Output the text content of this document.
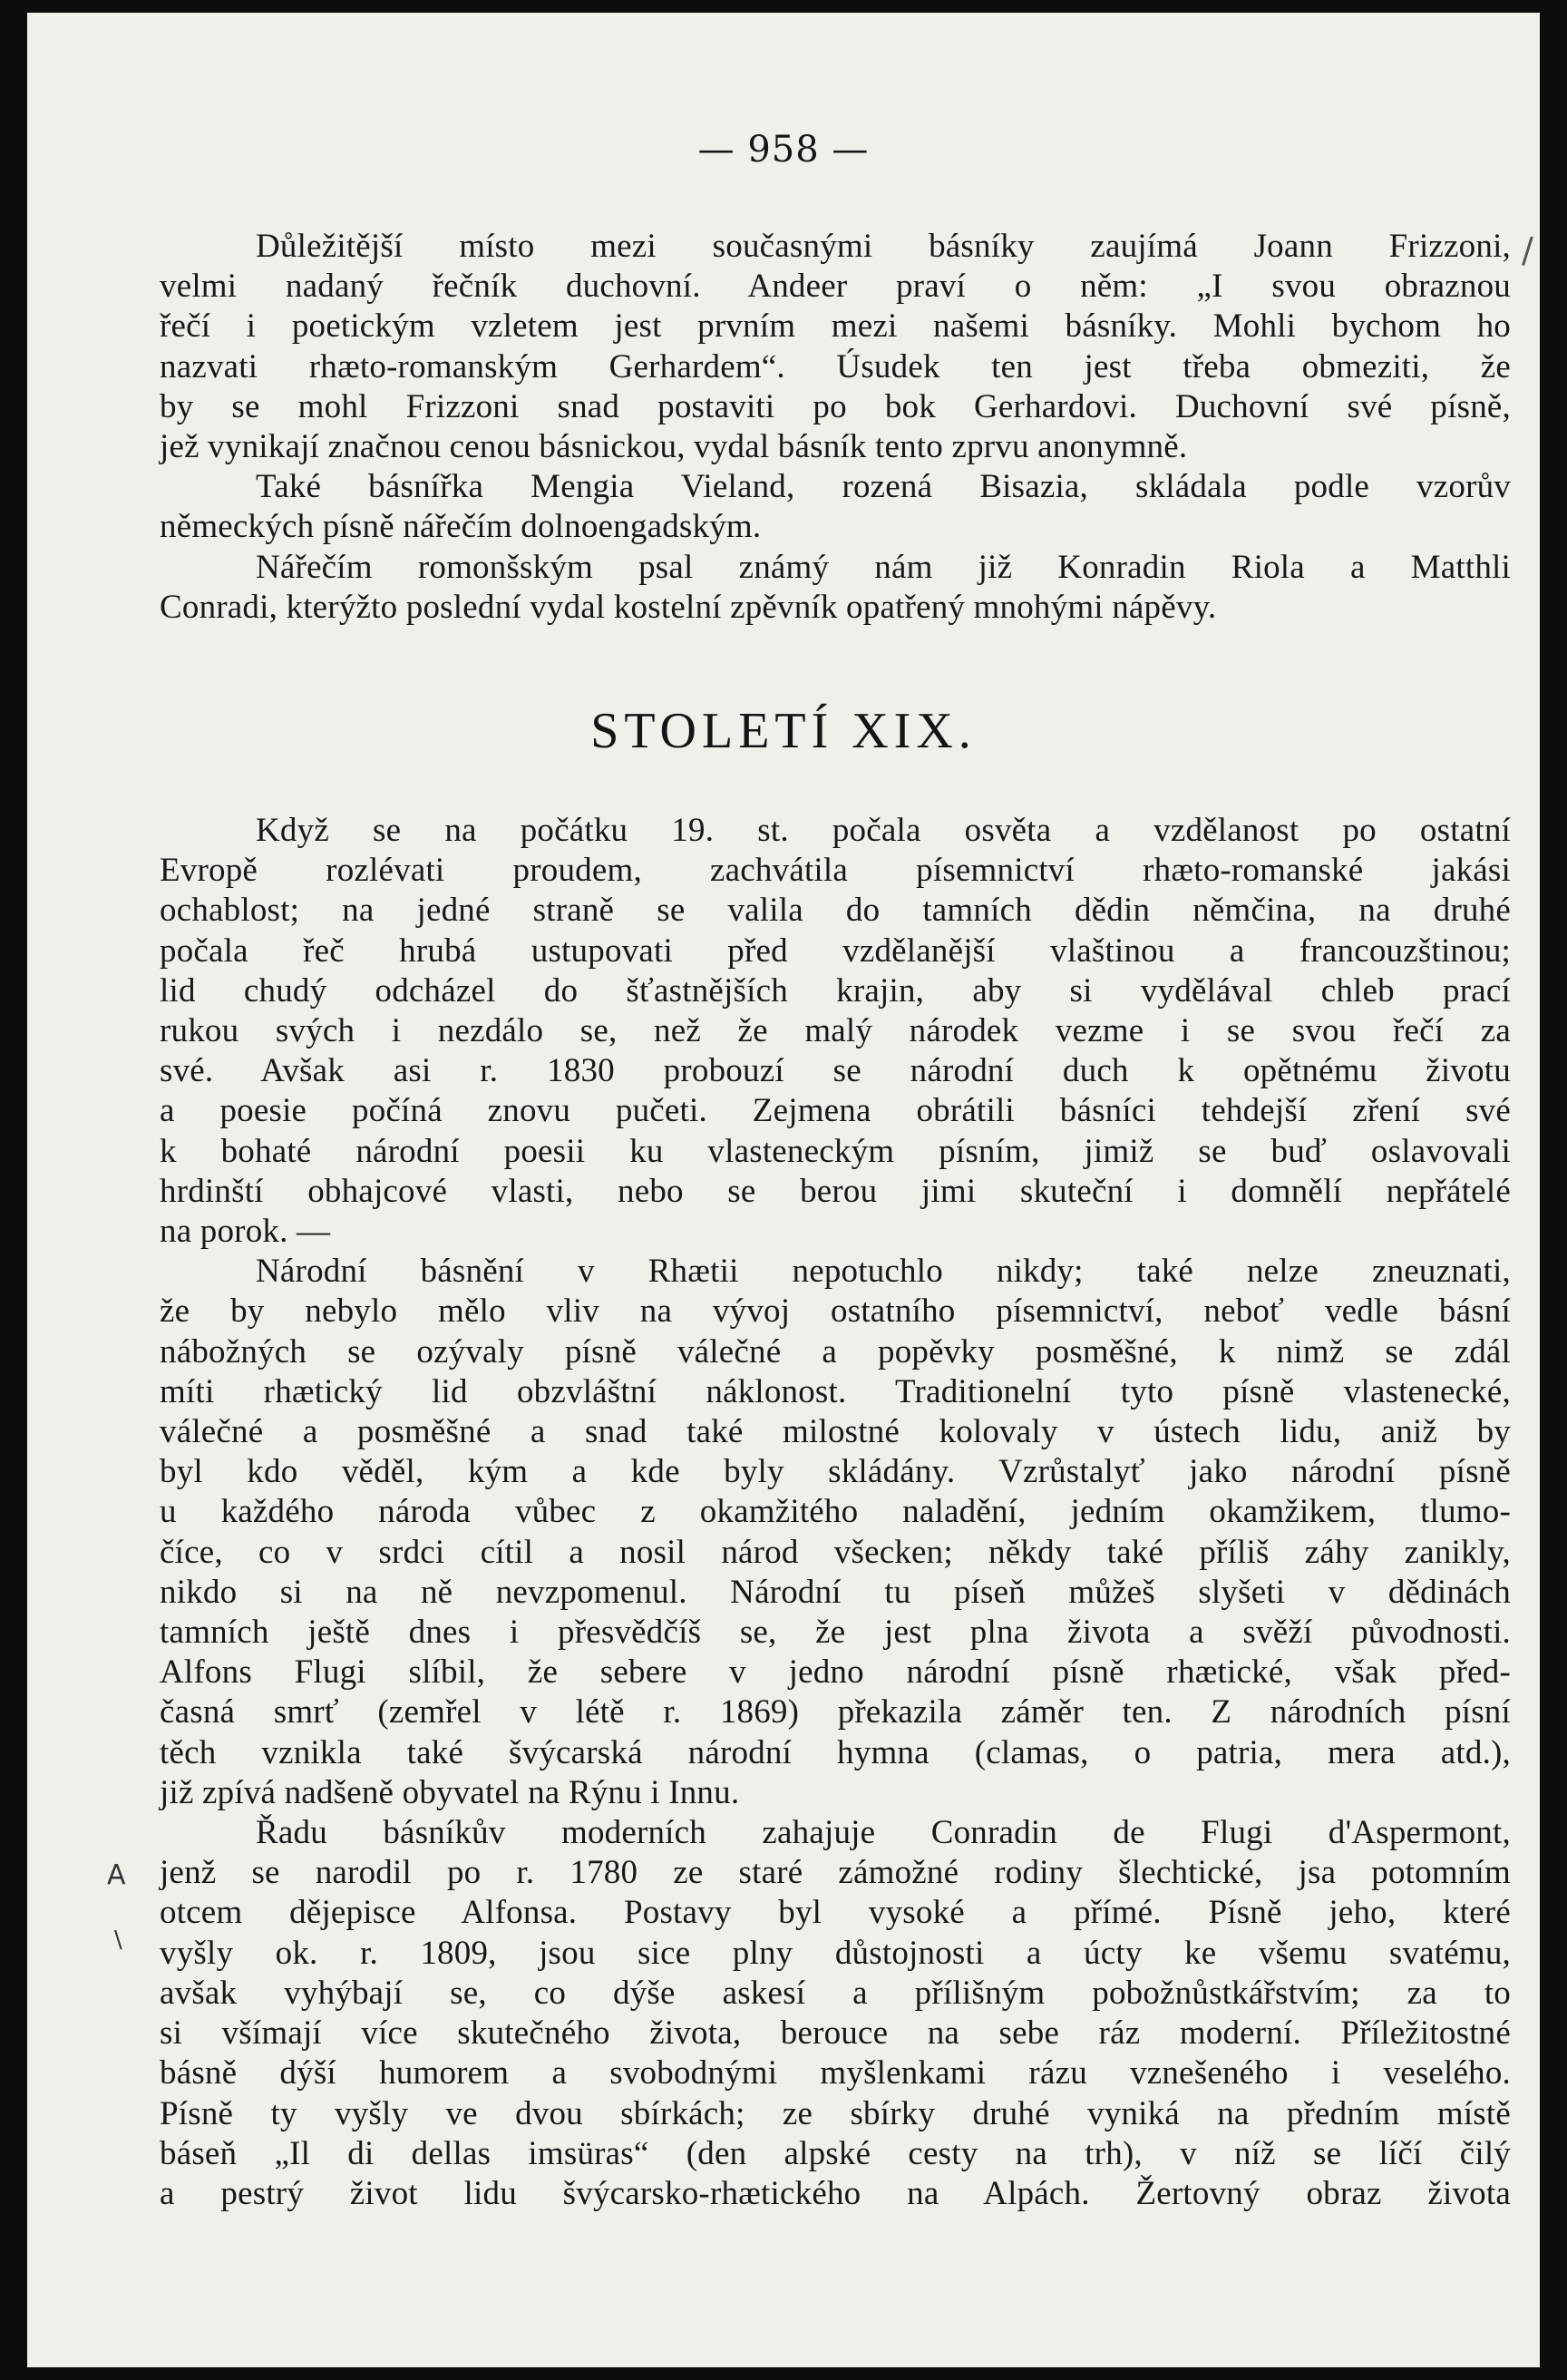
— 958 —
/
A
\
Důležitější místo mezi současnými básníky zaujímá Joann Frizzoni,
velmi nadaný řečník duchovní. Andeer praví o něm: „I svou obraznou
řečí i poetickým vzletem jest prvním mezi našemi básníky. Mohli bychom ho
nazvati rhæto-romanským Gerhardem“. Úsudek ten jest třeba obmeziti, že
by se mohl Frizzoni snad postaviti po bok Gerhardovi. Duchovní své písně,
jež vynikají značnou cenou básnickou, vydal básník tento zprvu anonymně.
Také básnířka Mengia Vieland, rozená Bisazia, skládala podle vzorův
německých písně nářečím dolnoengadským.
Nářečím romonšským psal známý nám již Konradin Riola a Matthli
Conradi, kterýžto poslední vydal kostelní zpěvník opatřený mnohými nápěvy.
STOLETÍ XIX.
Když se na počátku 19. st. počala osvěta a vzdělanost po ostatní
Evropě rozlévati proudem, zachvátila písemnictví rhæto-romanské jakási
ochablost; na jedné straně se valila do tamních dědin němčina, na druhé
počala řeč hrubá ustupovati před vzdělanější vlaštinou a francouzštinou;
lid chudý odcházel do šťastnějších krajin, aby si vydělával chleb prací
rukou svých i nezdálo se, než že malý národek vezme i se svou řečí za
své. Avšak asi r. 1830 probouzí se národní duch k opětnému životu
a poesie počíná znovu pučeti. Zejmena obrátili básníci tehdejší zření své
k bohaté národní poesii ku vlasteneckým písním, jimiž se buď oslavovali
hrdinští obhajcové vlasti, nebo se berou jimi skuteční i domnělí nepřátelé
na porok. —
Národní básnění v Rhætii nepotuchlo nikdy; také nelze zneuznati,
že by nebylo mělo vliv na vývoj ostatního písemnictví, neboť vedle básní
nábožných se ozývaly písně válečné a popěvky posměšné, k nimž se zdál
míti rhætický lid obzvláštní náklonost. Traditionelní tyto písně vlastenecké,
válečné a posměšné a snad také milostné kolovaly v ústech lidu, aniž by
byl kdo věděl, kým a kde byly skládány. Vzrůstalyť jako národní písně
u každého národa vůbec z okamžitého naladění, jedním okamžikem, tlumo-
číce, co v srdci cítil a nosil národ všecken; někdy také příliš záhy zanikly,
nikdo si na ně nevzpomenul. Národní tu píseň můžeš slyšeti v dědinách
tamních ještě dnes i přesvědčíš se, že jest plna života a svěží původnosti.
Alfons Flugi slíbil, že sebere v jedno národní písně rhætické, však před-
časná smrť (zemřel v létě r. 1869) překazila záměr ten. Z národních písní
těch vznikla také švýcarská národní hymna (clamas, o patria, mera atd.),
již zpívá nadšeně obyvatel na Rýnu i Innu.
Řadu básníkův moderních zahajuje Conradin de Flugi d'Aspermont,
jenž se narodil po r. 1780 ze staré zámožné rodiny šlechtické, jsa potomním
otcem dějepisce Alfonsa. Postavy byl vysoké a přímé. Písně jeho, které
vyšly ok. r. 1809, jsou sice plny důstojnosti a úcty ke všemu svatému,
avšak vyhýbají se, co dýše askesí a přílišným pobožnůstkářstvím; za to
si všímají více skutečného života, berouce na sebe ráz moderní. Příležitostné
básně dýší humorem a svobodnými myšlenkami rázu vznešeného i veselého.
Písně ty vyšly ve dvou sbírkách; ze sbírky druhé vyniká na předním místě
báseň „Il di dellas imsüras“ (den alpské cesty na trh), v níž se líčí čilý
a pestrý život lidu švýcarsko-rhætického na Alpách. Žertovný obraz života
